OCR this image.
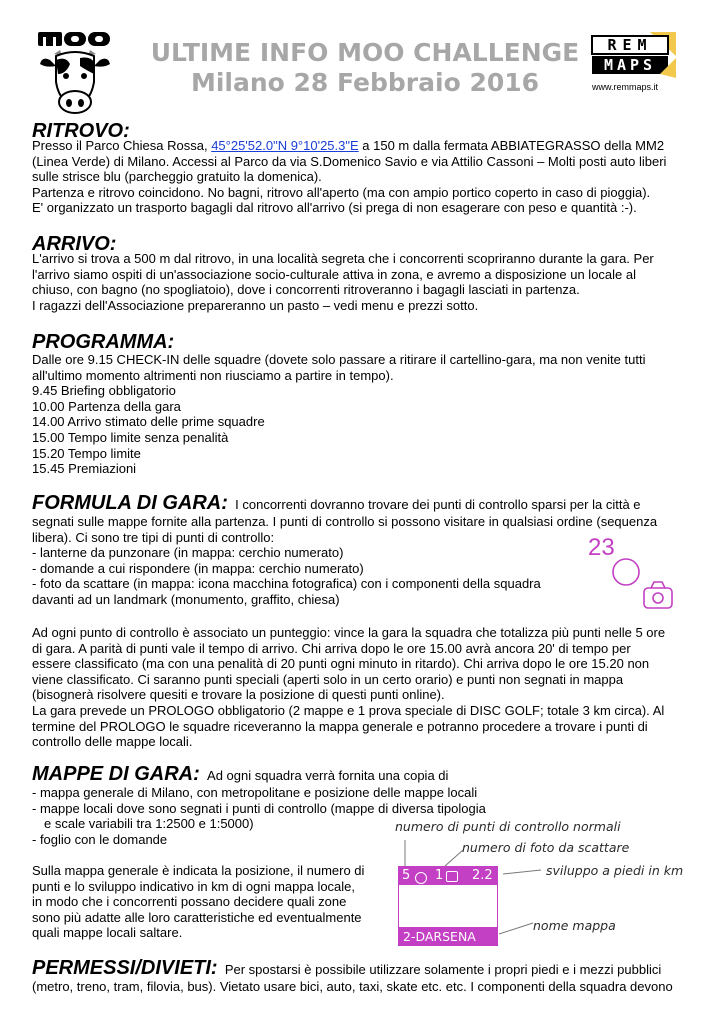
ULTIME INFO MOO CHALLENGE
Milano 28 Febbraio 2016
REM
MAPS
www.remmaps.it
RITROVO:
Presso il Parco Chiesa Rossa, 45°25'52.0"N 9°10'25.3"E a 150 m dalla fermata ABBIATEGRASSO della MM2
(Linea Verde) di Milano. Accessi al Parco da via S.Domenico Savio e via Attilio Cassoni – Molti posti auto liberi
sulle strisce blu (parcheggio gratuito la domenica).
Partenza e ritrovo coincidono. No bagni, ritrovo all'aperto (ma con ampio portico coperto in caso di pioggia).
E' organizzato un trasporto bagagli dal ritrovo all'arrivo (si prega di non esagerare con peso e quantità :-).
ARRIVO:
L'arrivo si trova a 500 m dal ritrovo, in una località segreta che i concorrenti scopriranno durante la gara. Per
l'arrivo siamo ospiti di un'associazione socio-culturale attiva in zona, e avremo a disposizione un locale al
chiuso, con bagno (no spogliatoio), dove i concorrenti ritroveranno i bagagli lasciati in partenza.
I ragazzi dell'Associazione prepareranno un pasto – vedi menu e prezzi sotto.
PROGRAMMA:
Dalle ore 9.15 CHECK-IN delle squadre (dovete solo passare a ritirare il cartellino-gara, ma non venite tutti
all'ultimo momento altrimenti non riusciamo a partire in tempo).
9.45 Briefing obbligatorio
10.00 Partenza della gara
14.00 Arrivo stimato delle prime squadre
15.00 Tempo limite senza penalità
15.20 Tempo limite
15.45 Premiazioni
FORMULA DI GARA: I concorrenti dovranno trovare dei punti di controllo sparsi per la città e
segnati sulle mappe fornite alla partenza. I punti di controllo si possono visitare in qualsiasi ordine (sequenza
libera). Ci sono tre tipi di punti di controllo:
- lanterne da punzonare (in mappa: cerchio numerato)
- domande a cui rispondere (in mappa: cerchio numerato)
- foto da scattare (in mappa: icona macchina fotografica) con i componenti della squadra
davanti ad un landmark (monumento, graffito, chiesa)
23
Ad ogni punto di controllo è associato un punteggio: vince la gara la squadra che totalizza più punti nelle 5 ore
di gara. A parità di punti vale il tempo di arrivo. Chi arriva dopo le ore 15.00 avrà ancora 20' di tempo per
essere classificato (ma con una penalità di 20 punti ogni minuto in ritardo). Chi arriva dopo le ore 15.20 non
viene classificato. Ci saranno punti speciali (aperti solo in un certo orario) e punti non segnati in mappa
(bisognerà risolvere quesiti e trovare la posizione di questi punti online).
La gara prevede un PROLOGO obbligatorio (2 mappe e 1 prova speciale di DISC GOLF; totale 3 km circa). Al
termine del PROLOGO le squadre riceveranno la mappa generale e potranno procedere a trovare i punti di
controllo delle mappe locali.
MAPPE DI GARA: Ad ogni squadra verrà fornita una copia di
- mappa generale di Milano, con metropolitane e posizione delle mappe locali
- mappe locali dove sono segnati i punti di controllo (mappe di diversa tipologia
e scale variabili tra 1:2500 e 1:5000)
- foglio con le domande
Sulla mappa generale è indicata la posizione, il numero di
punti e lo sviluppo indicativo in km di ogni mappa locale,
in modo che i concorrenti possano decidere quali zone
sono più adatte alle loro caratteristiche ed eventualmente
quali mappe locali saltare.
numero di punti di controllo normali
numero di foto da scattare
sviluppo a piedi in km
nome mappa
5 1 2.2
2-DARSENA
PERMESSI/DIVIETI: Per spostarsi è possibile utilizzare solamente i propri piedi e i mezzi pubblici
(metro, treno, tram, filovia, bus). Vietato usare bici, auto, taxi, skate etc. etc. I componenti della squadra devono
